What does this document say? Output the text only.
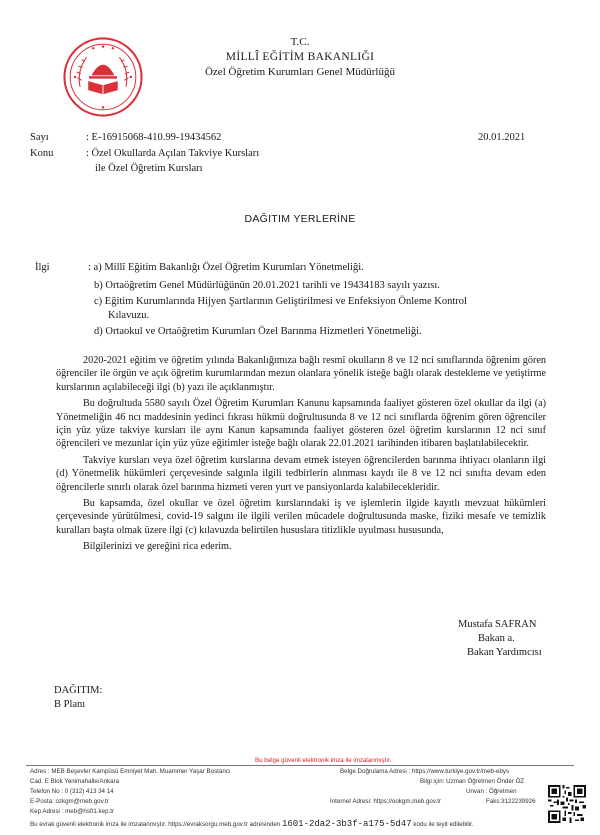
T.C.
MİLLÎ EĞİTİM BAKANLIĞI
Özel Öğretim Kurumları Genel Müdürlüğü
Sayı	: E-16915068-410.99-19434562	20.01.2021
Konu	: Özel Okullarda Açılan Takviye Kursları
ile Özel Öğretim Kursları
DAĞITIM YERLERİNE
İlgi	: a) Millî Eğitim Bakanlığı Özel Öğretim Kurumları Yönetmeliği.
b) Ortaöğretim Genel Müdürlüğünün 20.01.2021 tarihli ve 19434183 sayılı yazısı.
c) Eğitim Kurumlarında Hijyen Şartlarının Geliştirilmesi ve Enfeksiyon Önleme Kontrol
Kılavuzu.
d) Ortaokul ve Ortaöğretim Kurumları Özel Barınma Hizmetleri Yönetmeliği.

2020-2021 eğitim ve öğretim yılında Bakanlığımıza bağlı resmî okulların 8 ve 12 nci sınıflarında öğrenim gören öğrenciler ile örgün ve açık öğretim kurumlarından mezun olanlara yönelik isteğe bağlı olarak destekleme ve yetiştirme kurslarının açılabileceği ilgi (b) yazı ile açıklanmıştır.

Bu doğrultuda 5580 sayılı Özel Öğretim Kurumları Kanunu kapsamında faaliyet gösteren özel okullar da ilgi (a) Yönetmeliğin 46 ncı maddesinin yedinci fıkrası hükmü doğrultusunda 8 ve 12 nci sınıflarda öğrenim gören öğrenciler için yüz yüze takviye kursları ile aynı Kanun kapsamında faaliyet gösteren özel öğretim kurslarının 12 nci sınıf öğrencileri ve mezunlar için yüz yüze eğitimler isteğe bağlı olarak 22.01.2021 tarihinden itibaren başlatılabilecektir.

Takviye kursları veya özel öğretim kurslarına devam etmek isteyen öğrencilerden barınma ihtiyacı olanların ilgi (d) Yönetmelik hükümleri çerçevesinde salgınla ilgili tedbirlerin alınması kaydı ile 8 ve 12 nci sınıfta devam eden öğrencilerle sınırlı olarak özel barınma hizmeti veren yurt ve pansiyonlarda kalabilecekleridir.

Bu kapsamda, özel okullar ve özel öğretim kurslarındaki iş ve işlemlerin ilgide kayıtlı mevzuat hükümleri çerçevesinde yürütülmesi, covid-19 salgını ile ilgili verilen mücadele doğrultusunda maske, fiziki mesafe ve temizlik kuralları başta olmak üzere ilgi (c) kılavuzda belirtilen hususlara titizlikle uyulması hususunda,

Bilgilerinizi ve gereğini rica ederim.

Mustafa SAFRAN
Bakan a.
Bakan Yardımcısı
DAĞITIM:
B Planı
Bu belge güvenli elektronik imza ile imzalanmıştır.
Adres : MEB Beşevler Kampüsü Emniyet Mah. Muammer Yaşar Bostancı
Cad. E Blok Yenimahalle/Ankara
Telefon No : 0 (312) 413 34 14
E-Posta: ozkgm@meb.gov.tr
Kep Adresi : meb@hs01.kep.tr
Belge Doğrulama Adresi : https://www.turkiye.gov.tr/meb-ebys
Bilgi için: Uzman Öğretmen Önder ÖZ
Unvan : Öğretmen
İnternet Adresi: https://ookgm.meb.gov.tr	Faks:3122239926
Bu evrak güvenli elektronik imza ile imzalanmıştır. https://evraksorgu.meb.gov.tr adresinden 1601-2da2-3b3f-a175-5d47 kodu ile teyit edilebilir.
